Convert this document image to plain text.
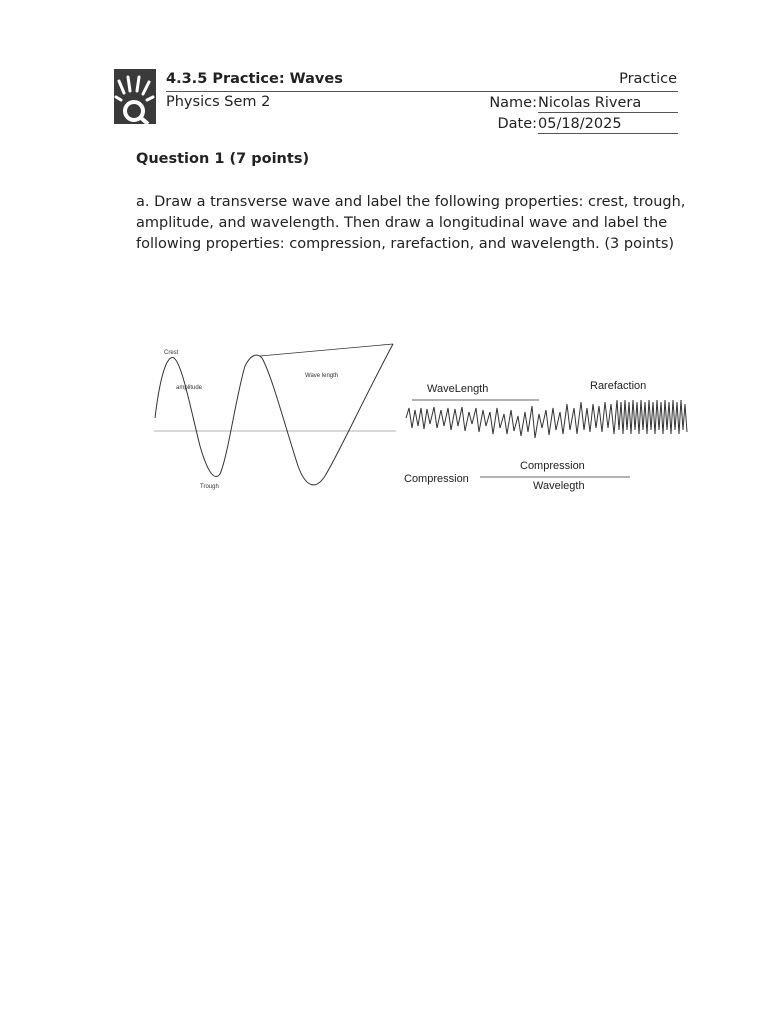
4.3.5 Practice: Waves	Practice
Physics Sem 2	Name: Nicolas Rivera
Date: 05/18/2025
Question 1 (7 points)
a. Draw a transverse wave and label the following properties: crest, trough, amplitude, and wavelength. Then draw a longitudinal wave and label the following properties: compression, rarefaction, and wavelength. (3 points)
Crest
amplitude
Wave length
Trough
WaveLength	Rarefaction
Compression
Compression
Wavelegth
